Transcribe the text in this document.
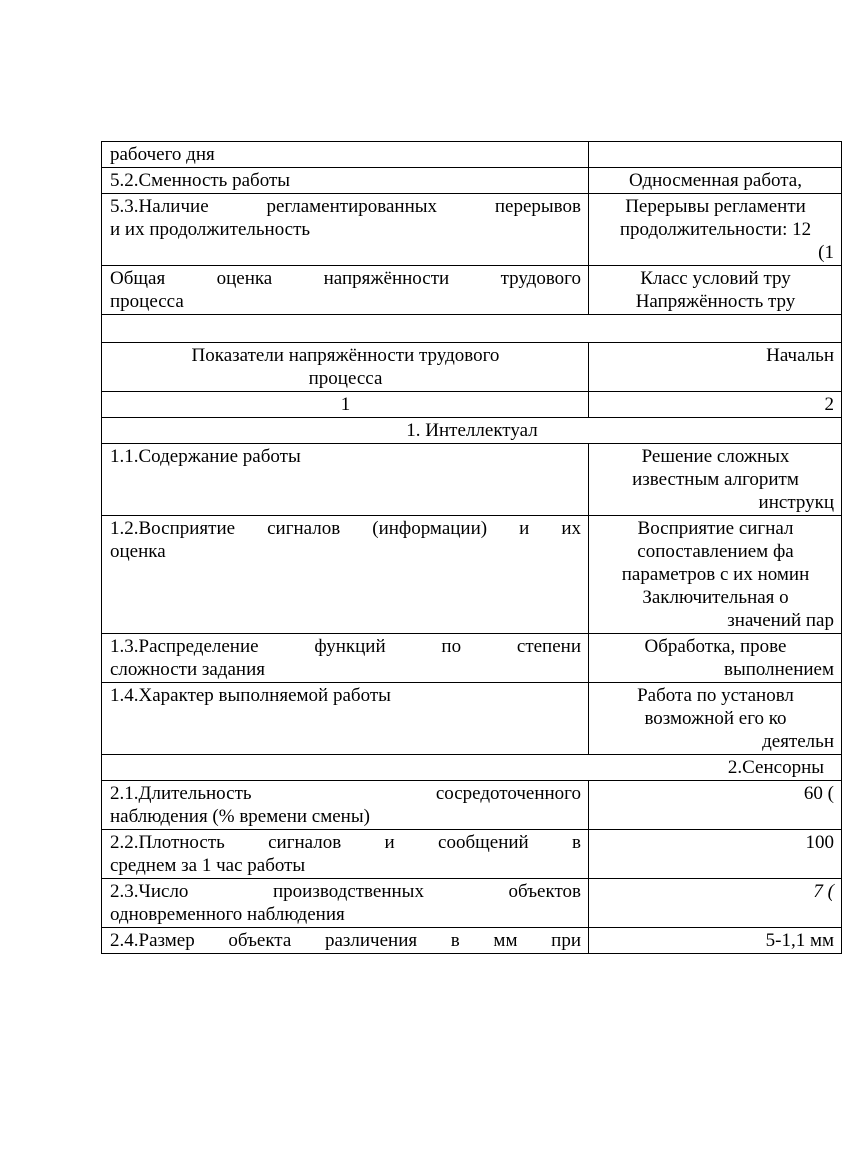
рабочего дня	

5.2.Сменность работы	Односменная работа,

5.3.Наличие регламентированных перерывов
и их продолжительность	Перерывы регламенти
продолжительности: 12
(1

Общая оценка напряжённости трудового
процесса	Класс условий тру
Напряжённость тру

Показатели напряжённости трудового
процесса	Начальн

1	2

1. Интеллектуал	

1.1.Содержание работы	Решение сложных
известным алгоритм
инструкц

1.2.Восприятие сигналов (информации) и их
оценка	Восприятие сигнал
сопоставлением фа
параметров с их номин
Заключительная о
значений пар

1.3.Распределение функций по степени
сложности задания	Обработка, прове
выполнением

1.4.Характер выполняемой работы	Работа по установл
возможной его ко
деятельн

2.Сенсорны	

2.1.Длительность сосредоточенного
наблюдения (% времени смены)	60 (

2.2.Плотность сигналов и сообщений в
среднем за 1 час работы	100

2.3.Число производственных объектов
одновременного наблюдения	7 (

2.4.Размер объекта различения в мм при	5-1,1 мм
